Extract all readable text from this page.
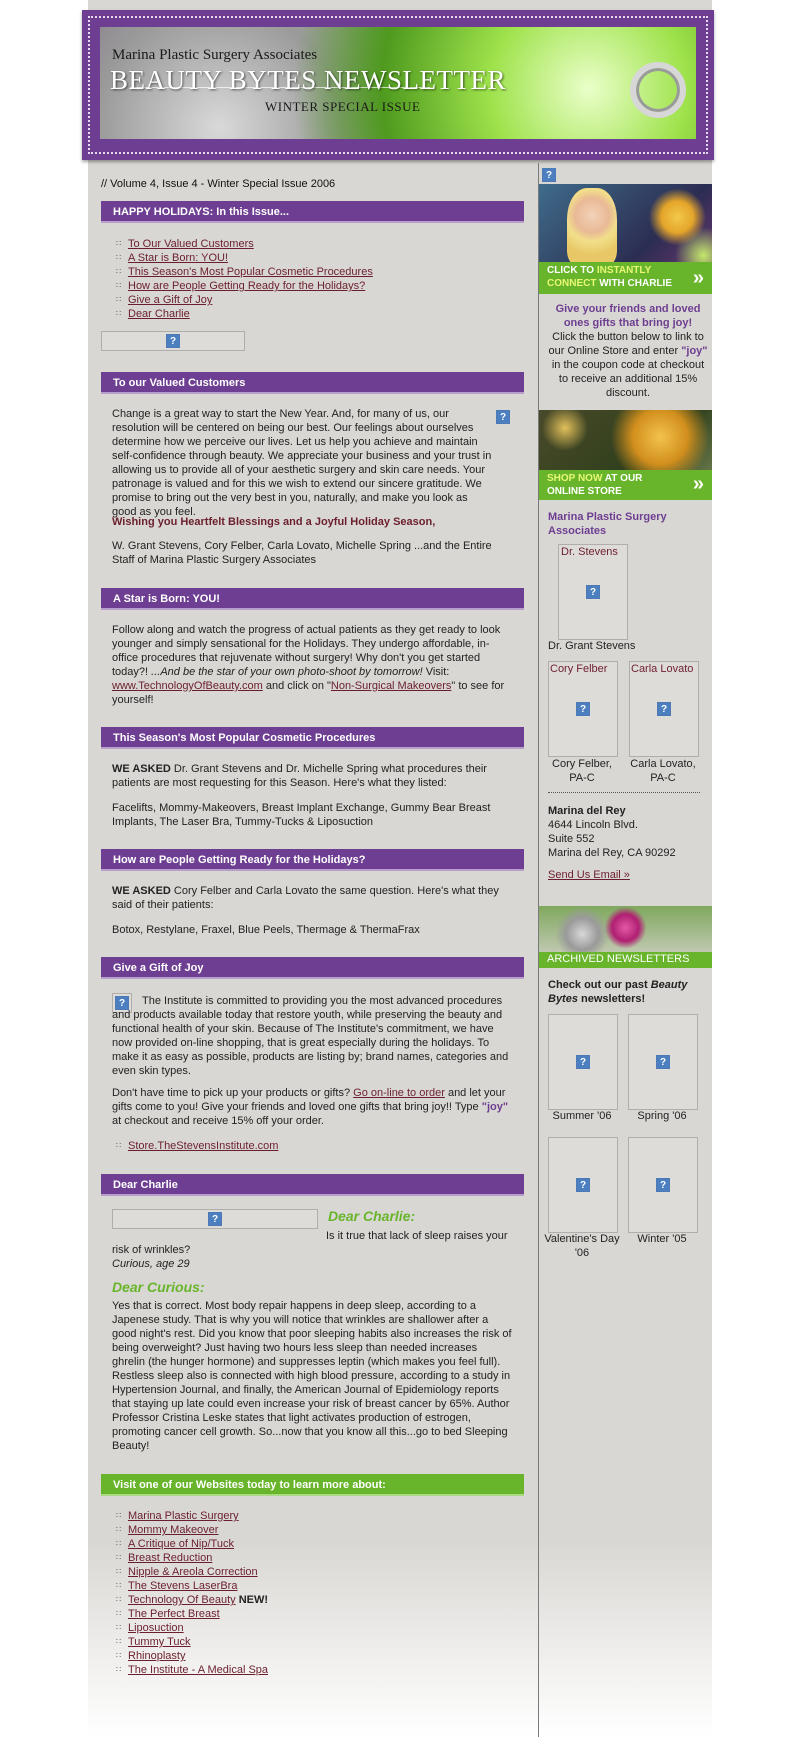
Marina Plastic Surgery Associates
BEAUTY BYTES NEWSLETTER
WINTER SPECIAL ISSUE
// Volume 4, Issue 4 - Winter Special Issue 2006
HAPPY HOLIDAYS: In this Issue...
∷ To Our Valued Customers
∷ A Star is Born: YOU!
∷ This Season's Most Popular Cosmetic Procedures
∷ How are People Getting Ready for the Holidays?
∷ Give a Gift of Joy
∷ Dear Charlie
?
To our Valued Customers
?
Change is a great way to start the New Year. And, for many of us, our resolution will be centered on being our best. Our feelings about ourselves determine how we perceive our lives. Let us help you achieve and maintain self-confidence through beauty. We appreciate your business and your trust in allowing us to provide all of your aesthetic surgery and skin care needs. Your patronage is valued and for this we wish to extend our sincere gratitude. We promise to bring out the very best in you, naturally, and make you look as good as you feel.
Wishing you Heartfelt Blessings and a Joyful Holiday Season,
W. Grant Stevens, Cory Felber, Carla Lovato, Michelle Spring ...and the Entire Staff of Marina Plastic Surgery Associates
A Star is Born: YOU!
Follow along and watch the progress of actual patients as they get ready to look younger and simply sensational for the Holidays. They undergo affordable, in-office procedures that rejuvenate without surgery! Why don't you get started today?! ...And be the star of your own photo-shoot by tomorrow! Visit: www.TechnologyOfBeauty.com and click on "Non-Surgical Makeovers" to see for yourself!
This Season's Most Popular Cosmetic Procedures
WE ASKED Dr. Grant Stevens and Dr. Michelle Spring what procedures their patients are most requesting for this Season. Here's what they listed:
Facelifts, Mommy-Makeovers, Breast Implant Exchange, Gummy Bear Breast Implants, The Laser Bra, Tummy-Tucks & Liposuction
How are People Getting Ready for the Holidays?
WE ASKED Cory Felber and Carla Lovato the same question. Here's what they said of their patients:
Botox, Restylane, Fraxel, Blue Peels, Thermage & ThermaFrax
Give a Gift of Joy
?	The Institute is committed to providing you the most advanced procedures and products available today that restore youth, while preserving the beauty and functional health of your skin. Because of The Institute's commitment, we have now provided on-line shopping, that is great especially during the holidays. To make it as easy as possible, products are listing by; brand names, categories and even skin types.
Don't have time to pick up your products or gifts? Go on-line to order and let your gifts come to you! Give your friends and loved one gifts that bring joy!! Type "joy" at checkout and receive 15% off your order.
∷ Store.TheStevensInstitute.com
Dear Charlie
?	Dear Charlie:
Is it true that lack of sleep raises your risk of wrinkles?
Curious, age 29
Dear Curious:
Yes that is correct. Most body repair happens in deep sleep, according to a Japenese study. That is why you will notice that wrinkles are shallower after a good night's rest. Did you know that poor sleeping habits also increases the risk of being overweight? Just having two hours less sleep than needed increases ghrelin (the hunger hormone) and suppresses leptin (which makes you feel full). Restless sleep also is connected with high blood pressure, according to a study in Hypertension Journal, and finally, the American Journal of Epidemiology reports that staying up late could even increase your risk of breast cancer by 65%. Author Professor Cristina Leske states that light activates production of estrogen, promoting cancer cell growth. So...now that you know all this...go to bed Sleeping Beauty!
Visit one of our Websites today to learn more about:
∷ Marina Plastic Surgery
∷ Mommy Makeover
∷ A Critique of Nip/Tuck
∷ Breast Reduction
∷ Nipple & Areola Correction
∷ The Stevens LaserBra
∷ Technology Of Beauty NEW!
∷ The Perfect Breast
∷ Liposuction
∷ Tummy Tuck
∷ Rhinoplasty
∷ The Institute - A Medical Spa
?
CLICK TO INSTANTLY
CONNECT WITH CHARLIE	»
Give your friends and loved ones gifts that bring joy!
Click the button below to link to our Online Store and enter "joy" in the coupon code at checkout to receive an additional 15% discount.
SHOP NOW AT OUR
ONLINE STORE	»
Marina Plastic Surgery Associates
Dr. Stevens
?
Dr. Grant Stevens
Cory Felber
?
Carla Lovato
?
Cory Felber, PA-C
Carla Lovato, PA-C
Marina del Rey
4644 Lincoln Blvd.
Suite 552
Marina del Rey, CA 90292
Send Us Email »
ARCHIVED NEWSLETTERS
Check out our past Beauty Bytes newsletters!
?	?
Summer '06	Spring '06
?	?
Valentine's Day '06
Winter '05
